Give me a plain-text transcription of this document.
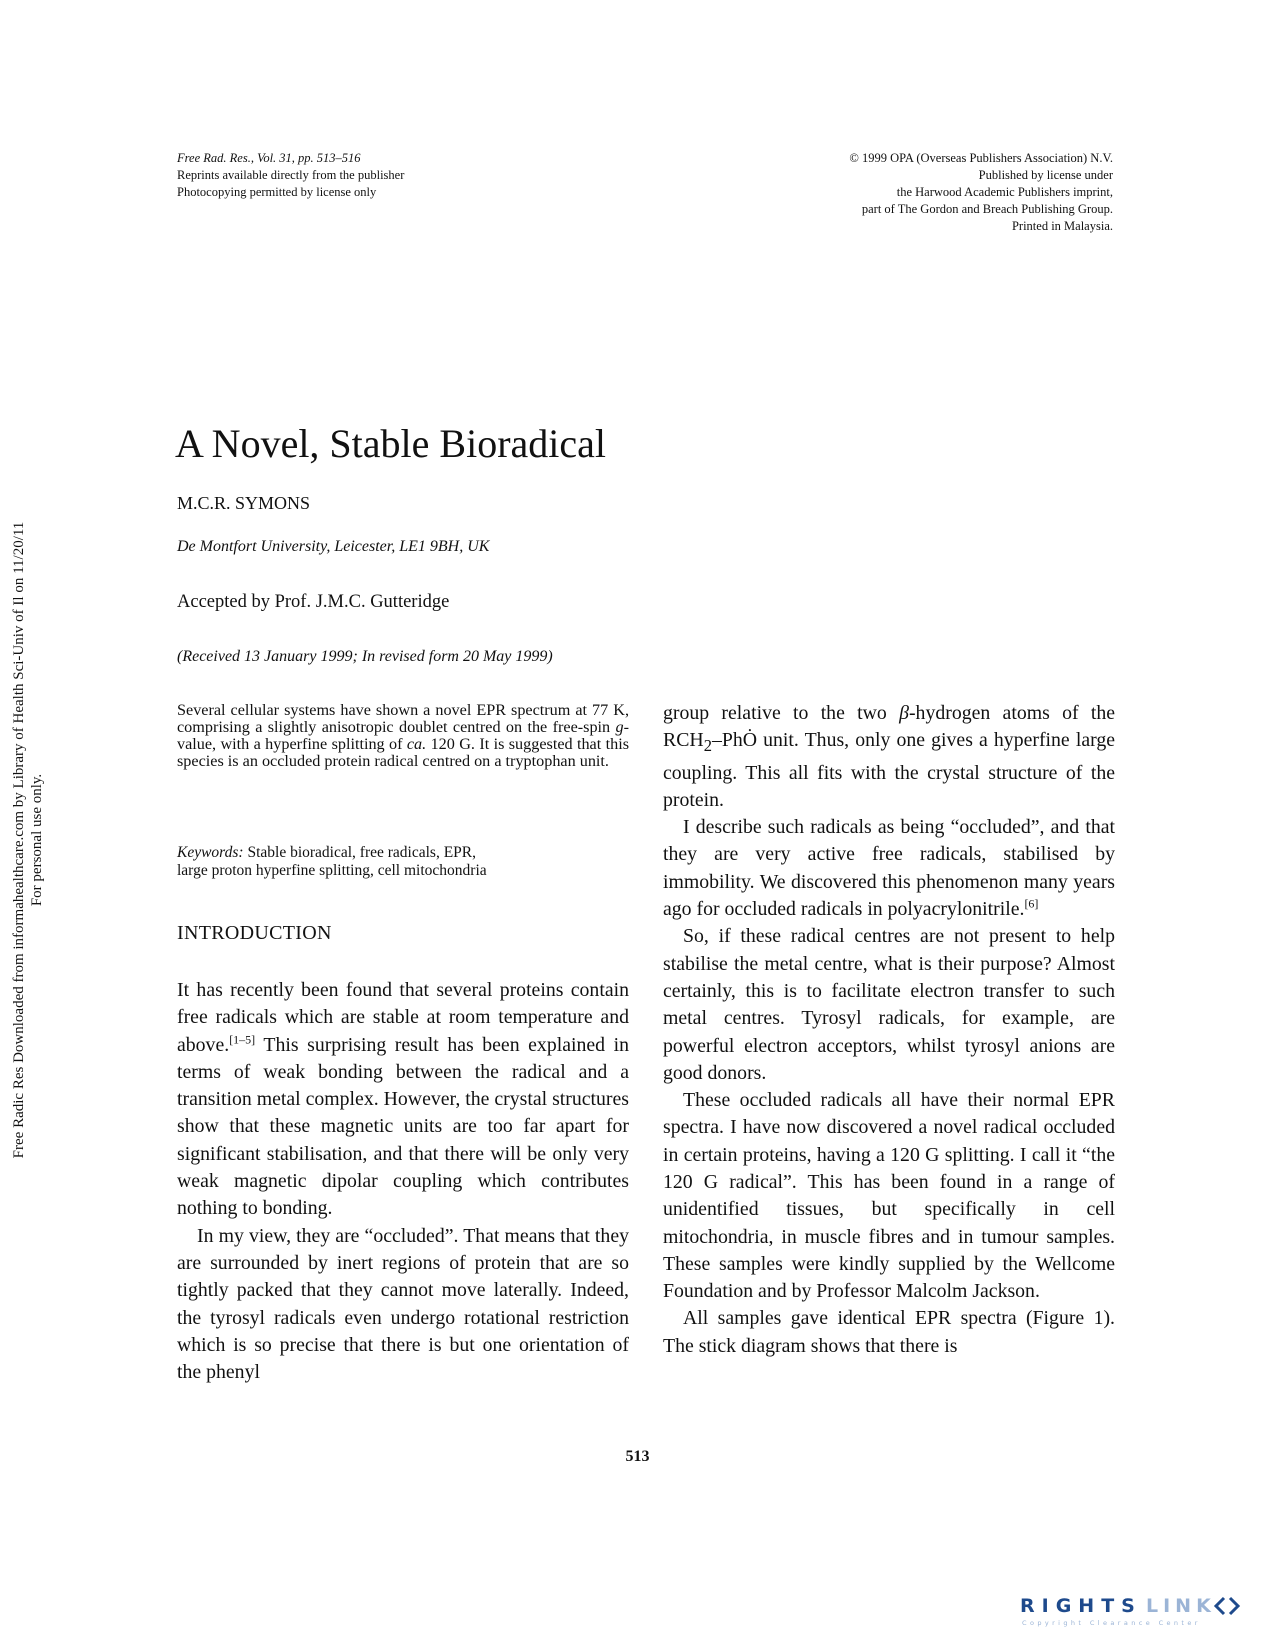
Free Rad. Res., Vol. 31, pp. 513–516
Reprints available directly from the publisher
Photocopying permitted by license only
© 1999 OPA (Overseas Publishers Association) N.V.
Published by license under
the Harwood Academic Publishers imprint,
part of The Gordon and Breach Publishing Group.
Printed in Malaysia.
Free Radic Res Downloaded from informahealthcare.com by Library of Health Sci-Univ of Il on 11/20/11 For personal use only.
A Novel, Stable Bioradical
M.C.R. SYMONS
De Montfort University, Leicester, LE1 9BH, UK
Accepted by Prof. J.M.C. Gutteridge
(Received 13 January 1999; In revised form 20 May 1999)

Several cellular systems have shown a novel EPR spectrum at 77 K, comprising a slightly anisotropic doublet centred on the free-spin g-value, with a hyperfine splitting of ca. 120 G. It is suggested that this species is an occluded protein radical centred on a tryptophan unit.

Keywords: Stable bioradical, free radicals, EPR,
large proton hyperfine splitting, cell mitochondria

INTRODUCTION

It has recently been found that several proteins contain free radicals which are stable at room temperature and above.[1–5] This surprising result has been explained in terms of weak bonding between the radical and a transition metal complex. However, the crystal structures show that these magnetic units are too far apart for significant stabilisation, and that there will be only very weak magnetic dipolar coupling which contributes nothing to bonding.

In my view, they are “occluded”. That means that they are surrounded by inert regions of protein that are so tightly packed that they cannot move laterally. Indeed, the tyrosyl radicals even undergo rotational restriction which is so precise that there is but one orientation of the phenyl

group relative to the two β-hydrogen atoms of the $RCH_2$–PhȮ unit. Thus, only one gives a hyperfine large coupling. This all fits with the crystal structure of the protein.

I describe such radicals as being “occluded”, and that they are very active free radicals, stabilised by immobility. We discovered this phenomenon many years ago for occluded radicals in polyacrylonitrile.[6]

So, if these radical centres are not present to help stabilise the metal centre, what is their purpose? Almost certainly, this is to facilitate electron transfer to such metal centres. Tyrosyl radicals, for example, are powerful electron acceptors, whilst tyrosyl anions are good donors.

These occluded radicals all have their normal EPR spectra. I have now discovered a novel radical occluded in certain proteins, having a 120 G splitting. I call it “the 120 G radical”. This has been found in a range of unidentified tissues, but specifically in cell mitochondria, in muscle fibres and in tumour samples. These samples were kindly supplied by the Wellcome Foundation and by Professor Malcolm Jackson.

All samples gave identical EPR spectra (Figure 1). The stick diagram shows that there is

513
RIGHTS LINK
Copyright Clearance Center
